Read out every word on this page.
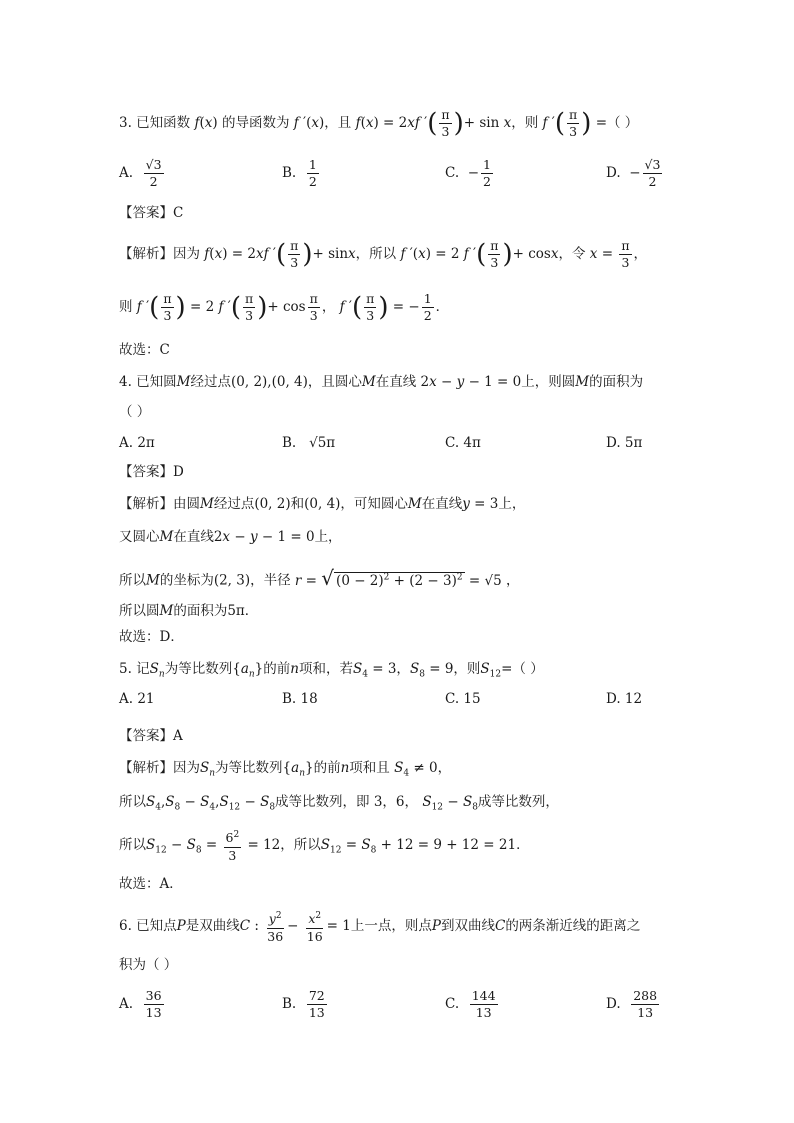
3. 已知函数 f(x) 的导函数为 f ′(x)，且 f(x) = 2xf ′( $\frac{\pi}{3}$ )+ sin x，则 f ′( $\frac{\pi}{3}$ ) =（ ）
A.
$\frac{√3}{2}$	B.
$\frac{1}{2}$	C. − $\frac{1}{2}$	D. − $\frac{√3}{2}$
【答案】C
【解析】因为 f(x) = 2xf ′( $\frac{\pi}{3}$ )+ sinx，所以 f ′(x) = 2 f ′( $\frac{\pi}{3}$ )+ cosx，令 $x = \frac{\pi}{3}$ ，
则 f ′( $\frac{\pi}{3}$ ) = 2 f ′( $\frac{\pi}{3}$ )+ $\cos \frac{\pi}{3}$ ， f ′( $\frac{\pi}{3}$ ) = − $\frac{1}{2}$ ．
故选：C
4. 已知圆M经过点(0, 2),(0, 4)，且圆心M在直线 2x − y − 1 = 0上，则圆M的面积为
（ ）
A. 2π	B.
√5π	C. 4π	D. 5π
【答案】D
【解析】由圆M经过点(0, 2)和(0, 4)，可知圆心M在直线y = 3上，
又圆心M在直线2x − y − 1 = 0上，
所以M的坐标为(2, 3)，半径 r = √ $(0 - 2)^2 + (2 - 3)^2 = √5$ ，
所以圆M的面积为5π．
故选：D．
5. 记$S_n$为等比数列$\{a_n\}$的前n项和，若$S_4 = 3$，$S_8 = 9$，则$S_{12}=$（ ）
A. 21	B. 18	C. 15	D. 12
【答案】A
【解析】因为$S_n$为等比数列$\{a_n\}$的前n项和且 $S_4 \ne 0$，
所以$S_4,S_8 - S_4,S_{12} - S_8$成等比数列，即 3，6， $S_{12} - S_8$成等比数列，
所以$S_{12} - S_8 = \frac{6^2}{3} = 12$，所以$S_{12} = S_8 + 12 = 9 + 12 = 21$．
故选：A．
6. 已知点P是双曲线C : $\frac{y^2}{36} - \frac{x^2}{16} = 1$上一点，则点P到双曲线C的两条渐近线的距离之
积为（ ）
A.
$\frac{36}{13}$	B.
$\frac{72}{13}$	C.
$\frac{144}{13}$	D.
$\frac{288}{13}$
